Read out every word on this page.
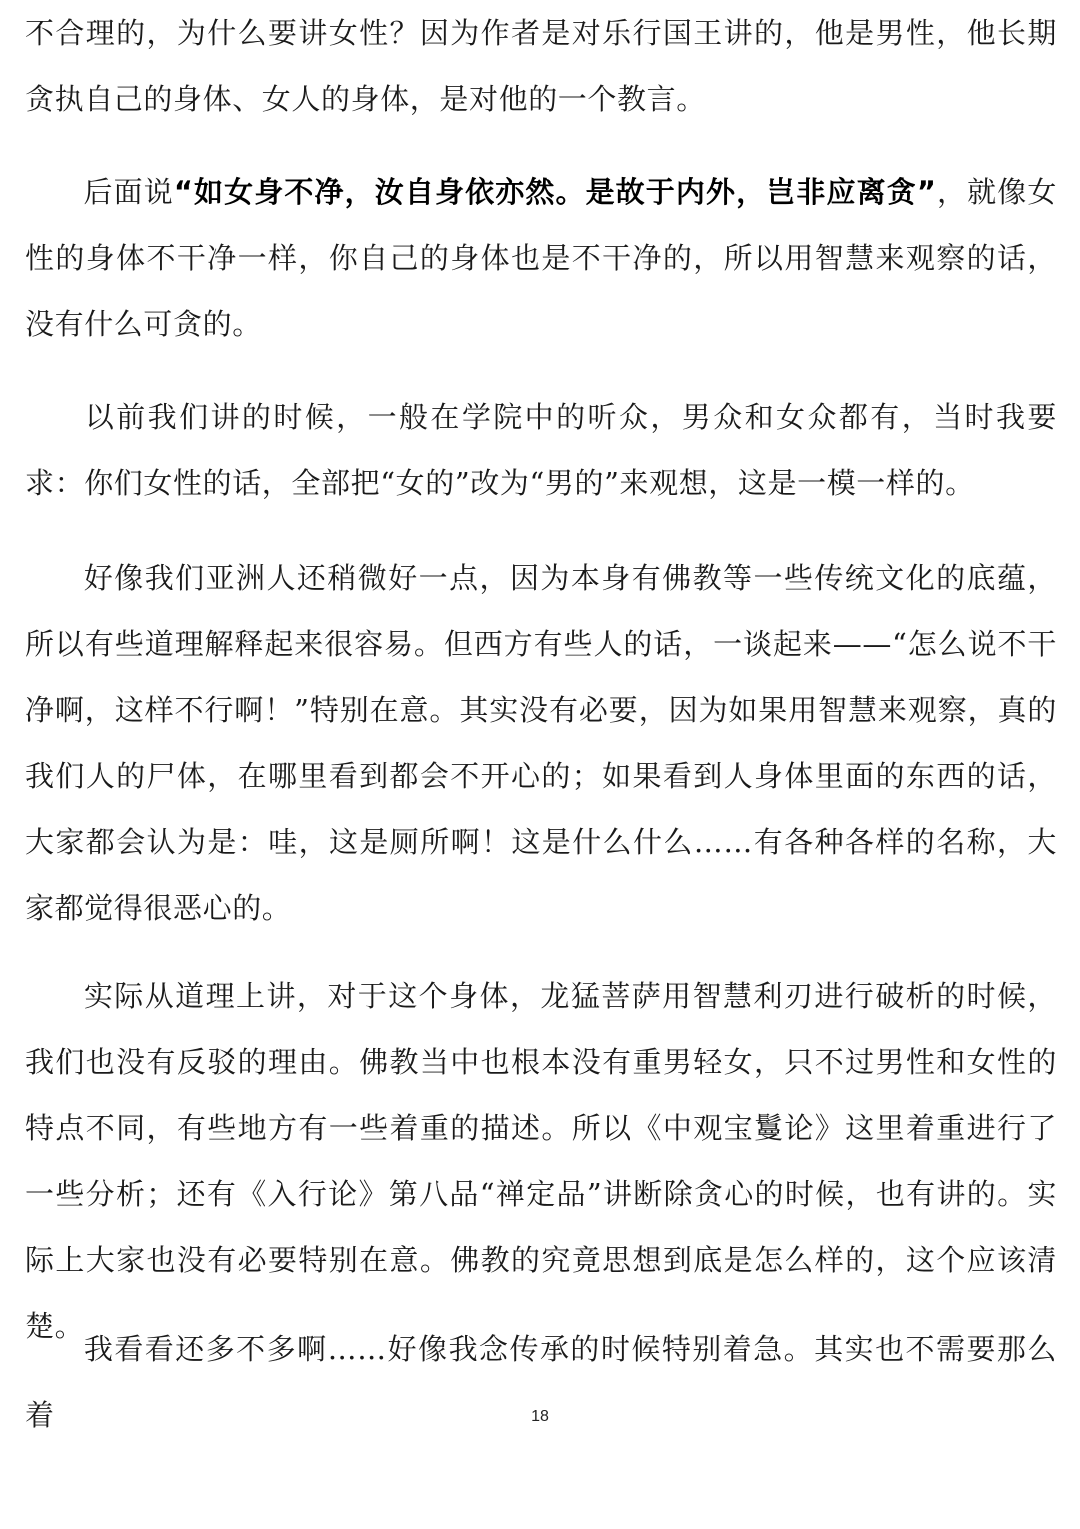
不合理的，为什么要讲女性？因为作者是对乐行国王讲的，他是男性，他长期贪执自己的身体、女人的身体，是对他的一个教言。

后面说“如女身不净，汝自身依亦然。是故于内外，岂非应离贪”，就像女性的身体不干净一样，你自己的身体也是不干净的，所以用智慧来观察的话，没有什么可贪的。

以前我们讲的时候，一般在学院中的听众，男众和女众都有，当时我要求：你们女性的话，全部把“女的”改为“男的”来观想，这是一模一样的。

好像我们亚洲人还稍微好一点，因为本身有佛教等一些传统文化的底蕴，所以有些道理解释起来很容易。但西方有些人的话，一谈起来——“怎么说不干净啊，这样不行啊！”特别在意。其实没有必要，因为如果用智慧来观察，真的我们人的尸体，在哪里看到都会不开心的；如果看到人身体里面的东西的话，大家都会认为是：哇，这是厕所啊！这是什么什么……有各种各样的名称，大家都觉得很恶心的。

实际从道理上讲，对于这个身体，龙猛菩萨用智慧利刃进行破析的时候，我们也没有反驳的理由。佛教当中也根本没有重男轻女，只不过男性和女性的特点不同，有些地方有一些着重的描述。所以《中观宝鬘论》这里着重进行了一些分析；还有《入行论》第八品“禅定品”讲断除贪心的时候，也有讲的。实际上大家也没有必要特别在意。佛教的究竟思想到底是怎么样的，这个应该清楚。

我看看还多不多啊……好像我念传承的时候特别着急。其实也不需要那么着	18
